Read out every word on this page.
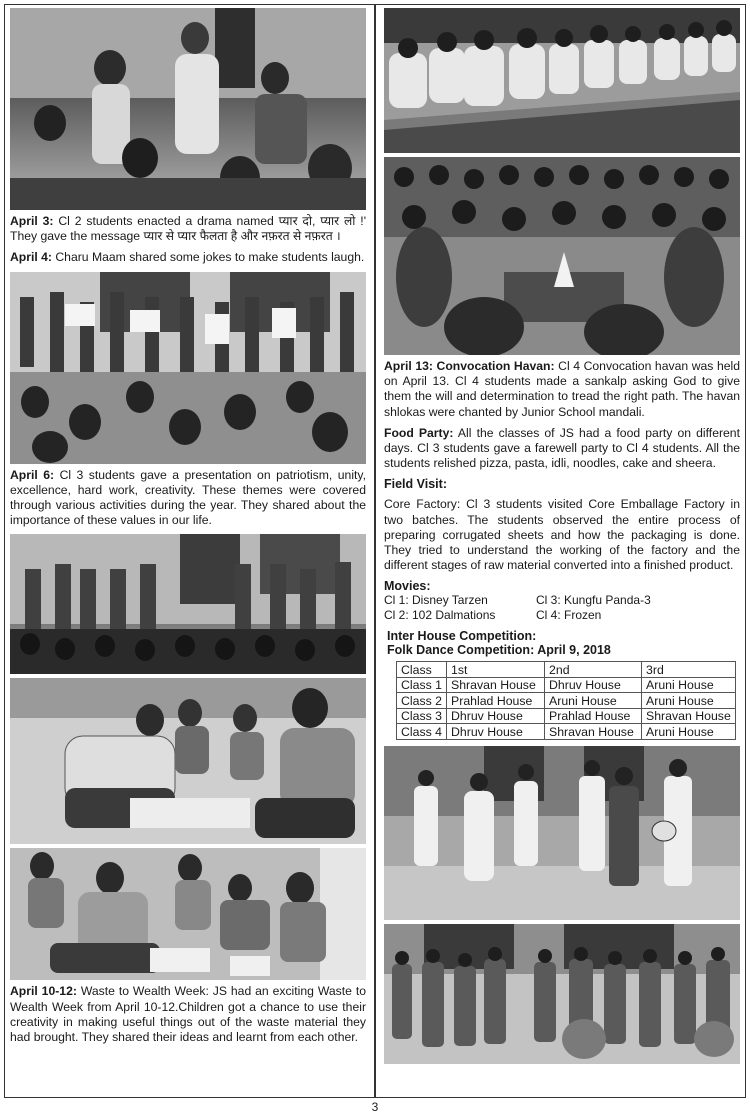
April 3: Cl 2 students enacted a drama named प्यार दो, प्यार लो !' They gave the message प्यार से प्यार फैलता है और नफ़रत से नफ़रत ।

April 4: Charu Maam shared some jokes to make students laugh.

April 6: Cl 3 students gave a presentation on patriotism, unity, excellence, hard work, creativity. These themes were covered through various activities during the year. They shared about the importance of these values in our life.

April 10-12: Waste to Wealth Week: JS had an exciting Waste to Wealth Week from April 10-12.Children got a chance to use their creativity in making useful things out of the waste material they had brought. They shared their ideas and learnt from each other.

April 13: Convocation Havan: Cl 4 Convocation havan was held on April 13. Cl 4 students made a sankalp asking God to give them the will and determination to tread the right path. The havan shlokas were chanted by Junior School mandali.

Food Party: All the classes of JS had a food party on different days. Cl 3 students gave a farewell party to Cl 4 students. All the students relished pizza, pasta, idli, noodles, cake and sheera.

Field Visit:

Core Factory: Cl 3 students visited Core Emballage Factory in two batches. The students observed the entire process of preparing corrugated sheets and how the packaging is done. They tried to understand the working of the factory and the different stages of raw material converted into a finished product.

Movies:

Cl 1: Disney Tarzen	Cl 3: Kungfu Panda-3
Cl 2: 102 Dalmations	Cl 4: Frozen

Inter House Competition:

Folk Dance Competition: April 9, 2018

Class	1st	2nd	3rd
Class 1	Shravan House	Dhruv House	Aruni House
Class 2	Prahlad House	Aruni House	Aruni House
Class 3	Dhruv House	Prahlad House	Shravan House
Class 4	Dhruv House	Shravan House	Aruni House
3
